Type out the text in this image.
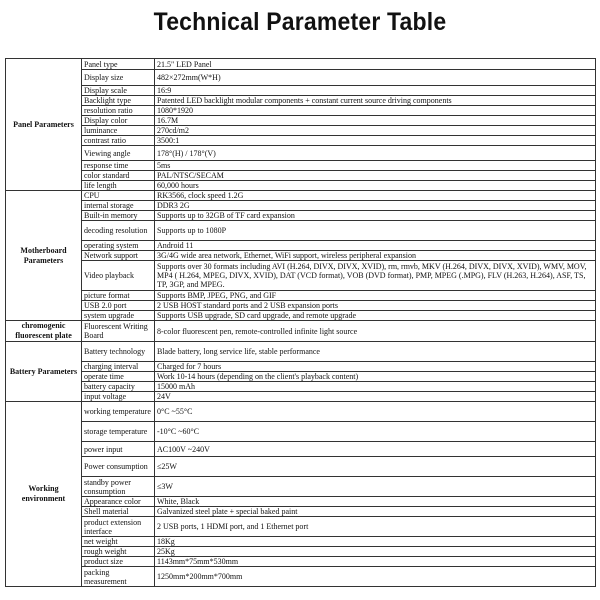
Technical Parameter Table
Panel Parameters	Panel type	21.5" LED Panel
	Display size	482×272mm(W*H)
	Display scale	16:9
	Backlight type	Patented LED backlight modular components + constant current source driving components
	resolution ratio	1080*1920
	Display color	16.7M
	luminance	270cd/m2
	contrast ratio	3500:1
	Viewing angle	178°(H) / 178°(V)
	response time	5ms
	color standard	PAL/NTSC/SECAM
	life length	60,000 hours
Motherboard Parameters	CPU	RK3566, clock speed 1.2G
	internal storage	DDR3 2G
	Built-in memory	Supports up to 32GB of TF card expansion
	decoding resolution	Supports up to 1080P
	operating system	Android 11
	Network support	3G/4G wide area network, Ethernet, WiFi support, wireless peripheral expansion
	Video playback	Supports over 30 formats including AVI (H.264, DIVX, DIVX, XVID), rm, rmvb, MKV (H.264, DIVX, DIVX, XVID), WMV, MOV, MP4 ( H.264, MPEG, DIVX, XVID), DAT (VCD format), VOB (DVD format), PMP, MPEG (.MPG), FLV (H.263, H.264), ASF, TS, TP, 3GP, and MPEG.
	picture format	Supports BMP, JPEG, PNG, and GIF
	USB 2.0 port	2 USB HOST standard ports and 2 USB expansion ports
	system upgrade	Supports USB upgrade, SD card upgrade, and remote upgrade
chromogenic fluorescent plate	Fluorescent Writing Board	8-color fluorescent pen, remote-controlled infinite light source
Battery Parameters	Battery technology	Blade battery, long service life, stable performance
	charging interval	Charged for 7 hours
	operate time	Work 10-14 hours (depending on the client's playback content)
	battery capacity	15000 mAh
	input voltage	24V
Working environment	working temperature	0°C ~55°C
	storage temperature	-10°C ~60°C
	power input	AC100V ~240V
	Power consumption	≤25W
	standby power consumption	≤3W
	Appearance color	White, Black
	Shell material	Galvanized steel plate + special baked paint
	product extension interface	2 USB ports, 1 HDMI port, and 1 Ethernet port
	net weight	18Kg
	rough weight	25Kg
	product size	1143mm*75mm*530mm
	packing measurement	1250mm*200mm*700mm
